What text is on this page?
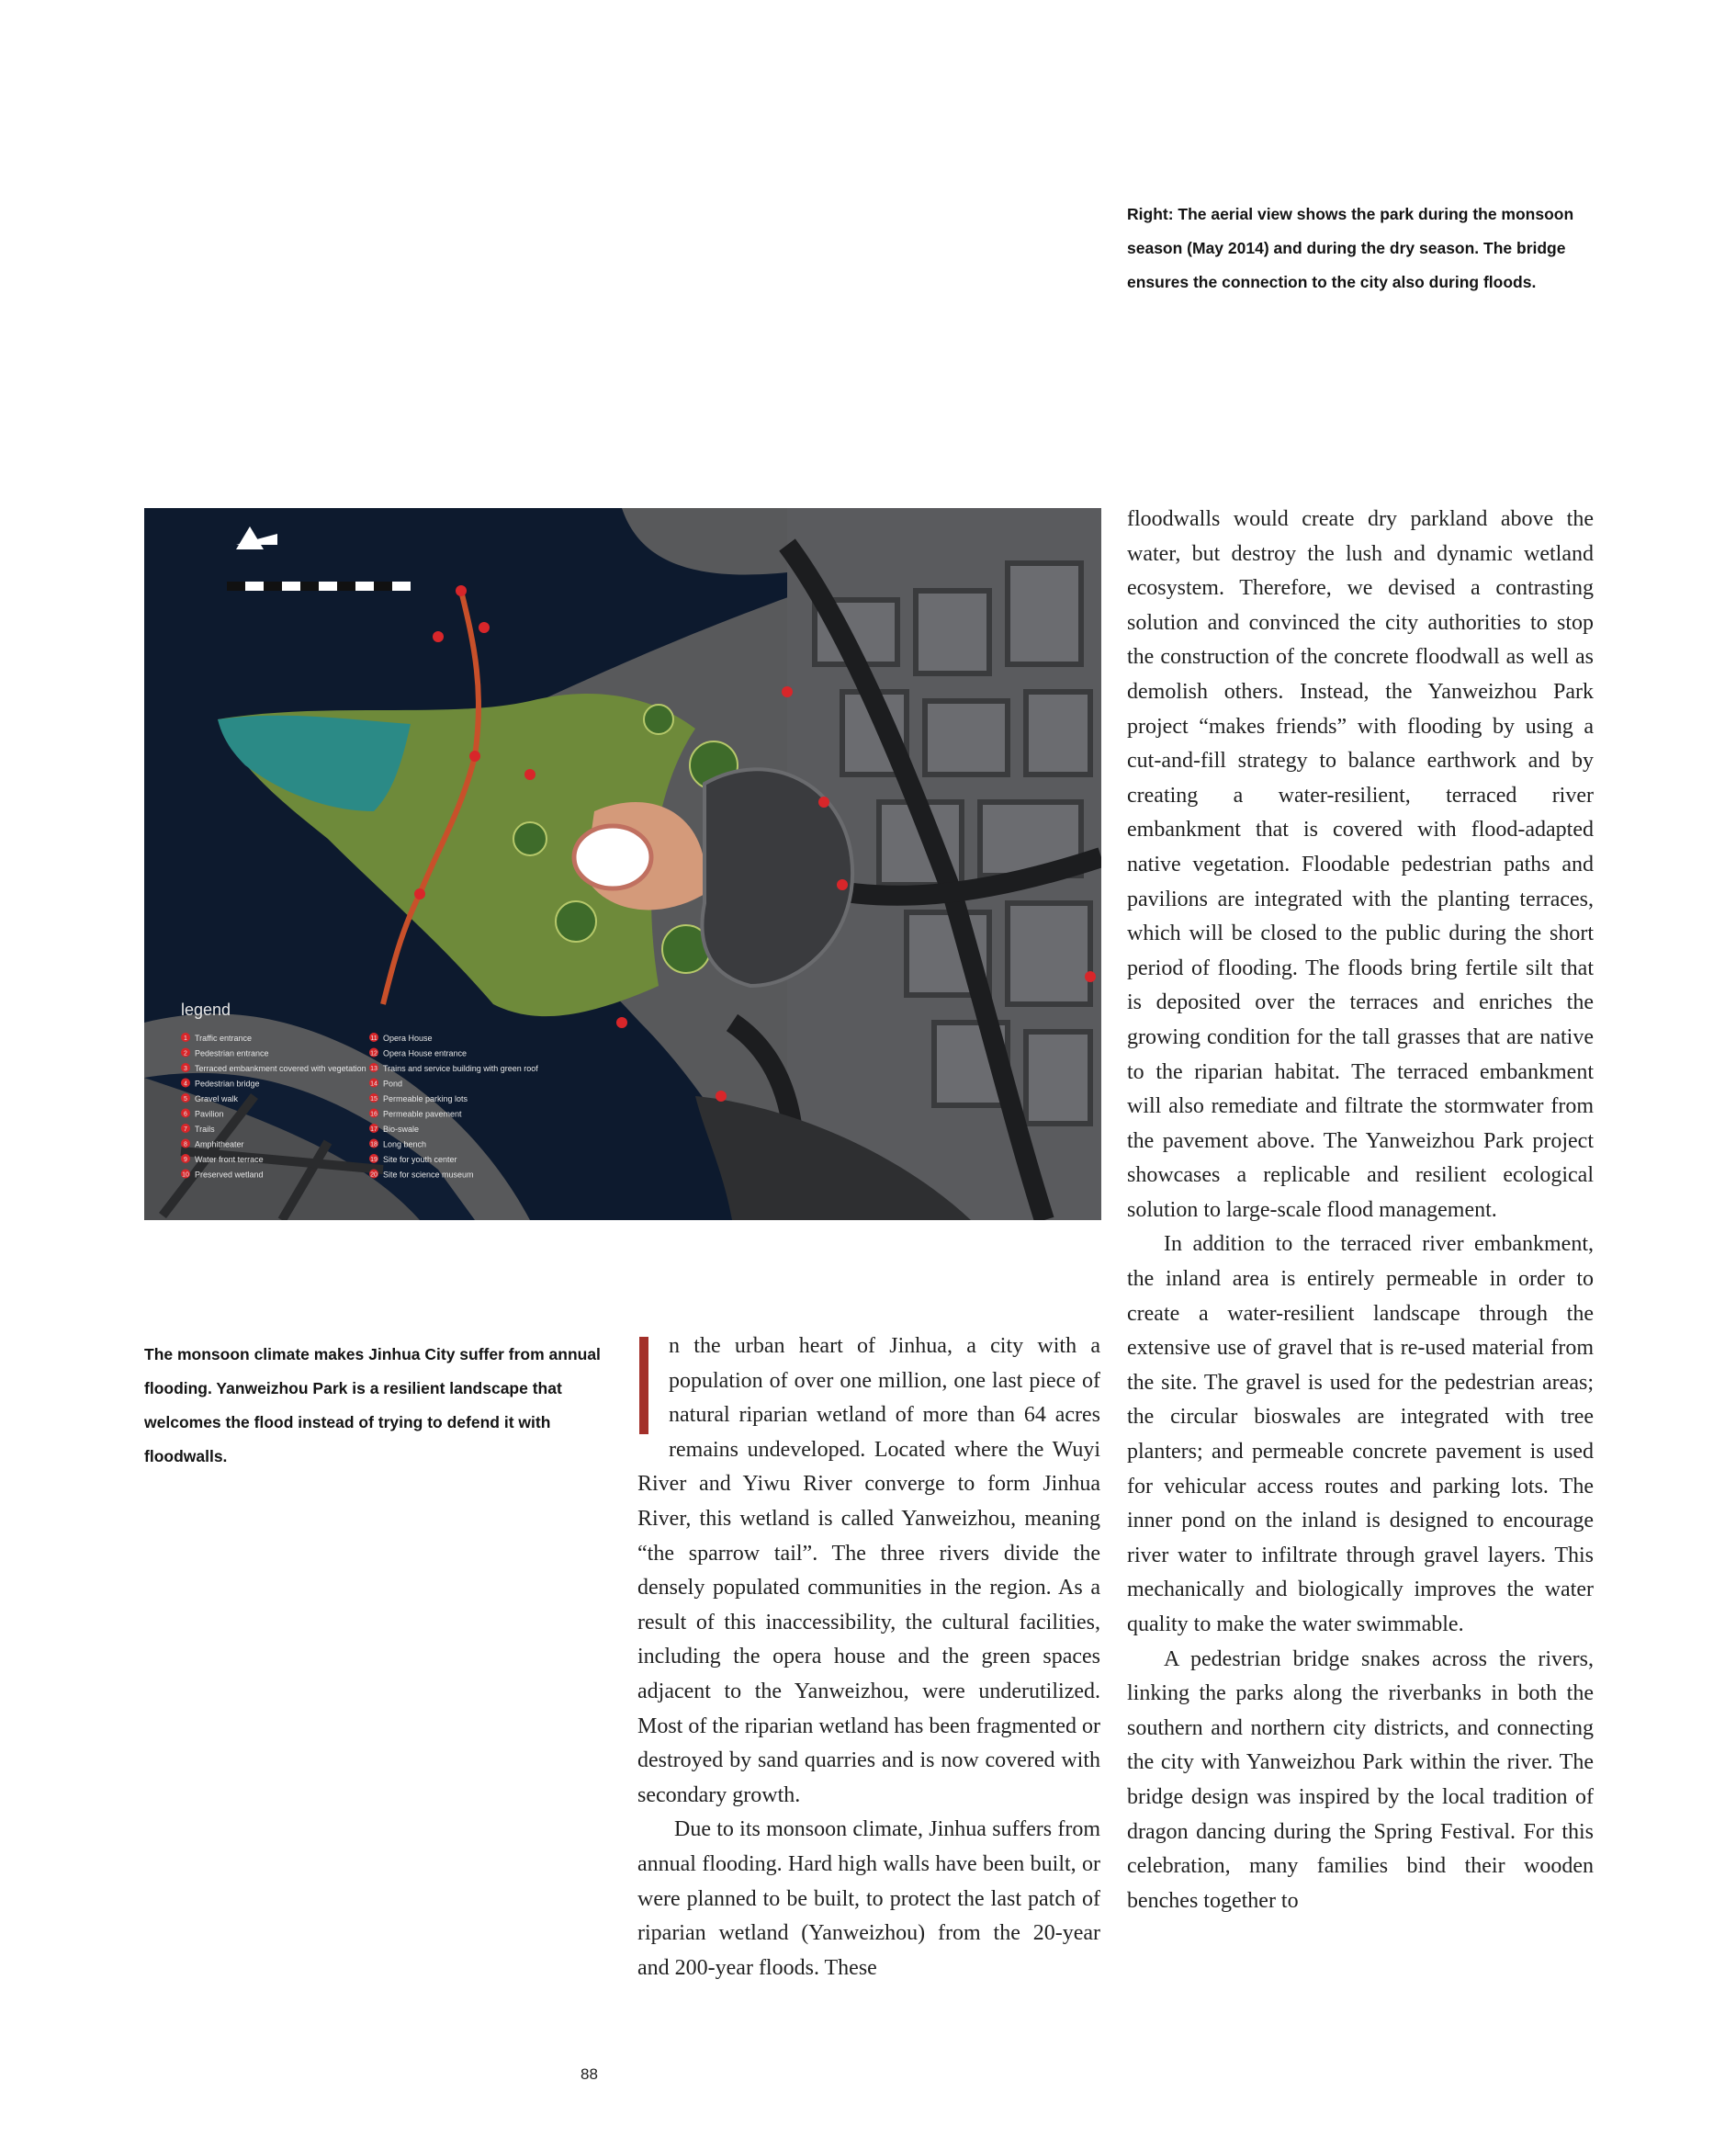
legend
1 Traffic entrance
2 Pedestrian entrance
3 Terraced embankment covered with vegetation
4 Pedestrian bridge
5 Gravel walk
6 Pavilion
7 Trails
8 Amphitheater
9 Water front terrace
10 Preserved wetland
11 Opera House
12 Opera House entrance
13 Trains and service building with green roof
14 Pond
15 Permeable parking lots
16 Permeable pavement
17 Bio-swale
18 Long bench
19 Site for youth center
20 Site for science museum

Right: The aerial view shows the park during the monsoon season (May 2014) and during the dry season. The bridge ensures the connection to the city also during floods.

The monsoon climate makes Jinhua City suffer from annual flooding. Yanweizhou Park is a resilient landscape that welcomes the flood instead of trying to defend it with floodwalls.

n the urban heart of Jinhua, a city with a population of over one million, one last piece of natural riparian wetland of more than 64 acres remains undeveloped. Located where the Wuyi River and Yiwu River converge to form Jinhua River, this wetland is called Yanweizhou, meaning “the sparrow tail”. The three rivers divide the densely populated communities in the region. As a result of this inaccessibility, the cultural facilities, including the opera house and the green spaces adjacent to the Yanweizhou, were underutilized. Most of the riparian wetland has been fragmented or destroyed by sand quarries and is now covered with secondary growth.

Due to its monsoon climate, Jinhua suffers from annual flooding. Hard high walls have been built, or were planned to be built, to protect the last patch of riparian wetland (Yanweizhou) from the 20-year and 200-year floods. These

floodwalls would create dry parkland above the water, but destroy the lush and dynamic wetland ecosystem. Therefore, we devised a contrasting solution and convinced the city authorities to stop the construction of the concrete floodwall as well as demolish others. Instead, the Yanweizhou Park project “makes friends” with flooding by using a cut-and-fill strategy to balance earthwork and by creating a water-resilient, terraced river embankment that is covered with flood-adapted native vegetation. Floodable pedestrian paths and pavilions are integrated with the planting terraces, which will be closed to the public during the short period of flooding. The floods bring fertile silt that is deposited over the terraces and enriches the growing condition for the tall grasses that are native to the riparian habitat. The terraced embankment will also remediate and filtrate the stormwater from the pavement above. The Yanweizhou Park project showcases a replicable and resilient ecological solution to large-scale flood management.

In addition to the terraced river embankment, the inland area is entirely permeable in order to create a water-resilient landscape through the extensive use of gravel that is re-used material from the site. The gravel is used for the pedestrian areas; the circular bioswales are integrated with tree planters; and permeable concrete pavement is used for vehicular access routes and parking lots. The inner pond on the inland is designed to encourage river water to infiltrate through gravel layers. This mechanically and biologically improves the water quality to make the water swimmable.

A pedestrian bridge snakes across the rivers, linking the parks along the riverbanks in both the southern and northern city districts, and connecting the city with Yanweizhou Park within the river. The bridge design was inspired by the local tradition of dragon dancing during the Spring Festival. For this celebration, many families bind their wooden benches together to

88
